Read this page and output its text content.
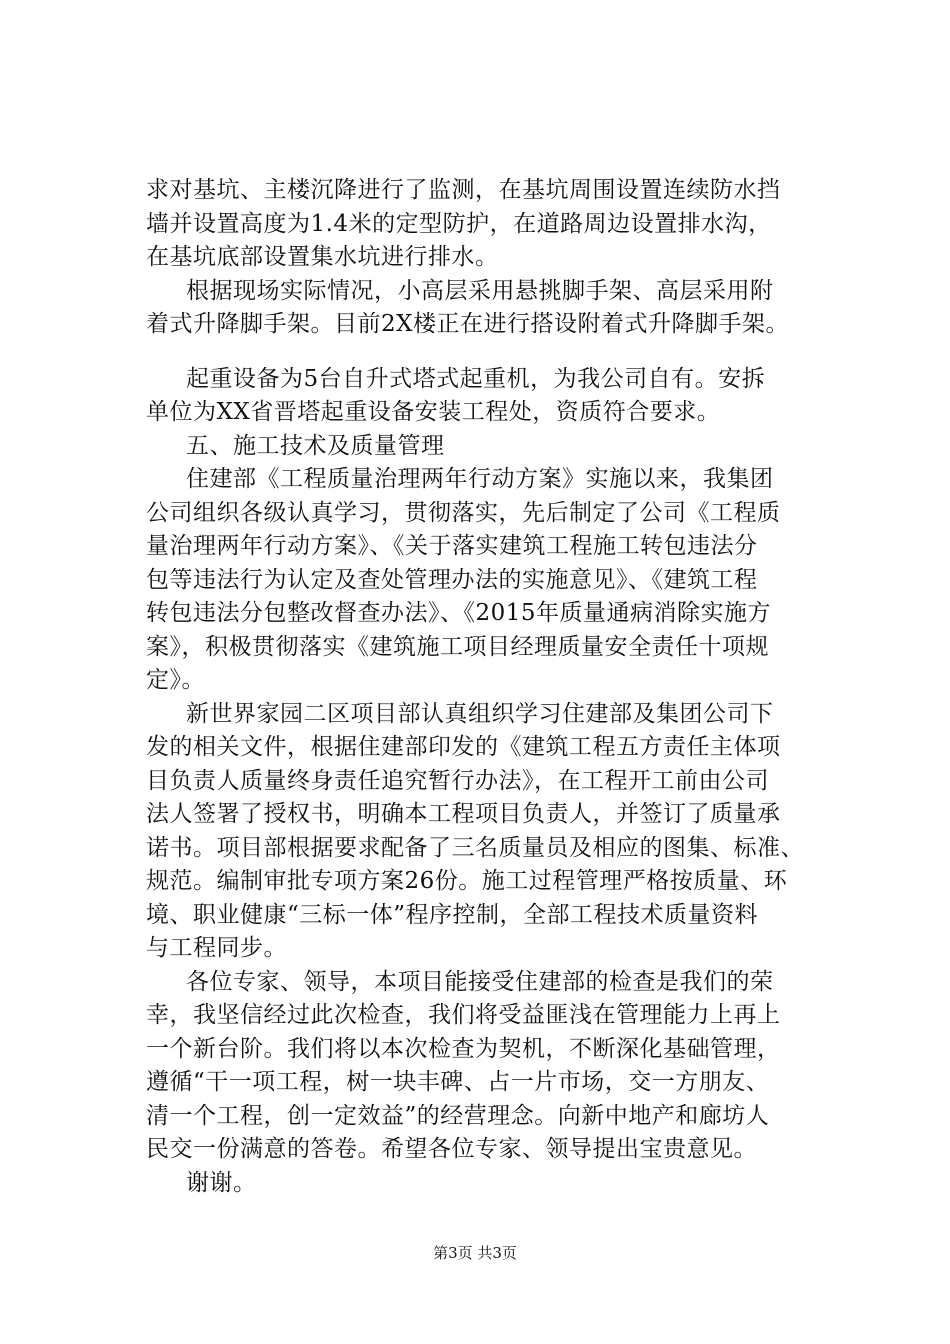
求对基坑、主楼沉降进行了监测，在基坑周围设置连续防水挡
墙并设置高度为1.4米的定型防护，在道路周边设置排水沟，
在基坑底部设置集水坑进行排水。
根据现场实际情况，小高层采用悬挑脚手架、高层采用附
着式升降脚手架。目前2X楼正在进行搭设附着式升降脚手架。
起重设备为5台自升式塔式起重机，为我公司自有。安拆
单位为XX省晋塔起重设备安装工程处，资质符合要求。
五、施工技术及质量管理
住建部《工程质量治理两年行动方案》实施以来，我集团
公司组织各级认真学习，贯彻落实，先后制定了公司《工程质
量治理两年行动方案》、《关于落实建筑工程施工转包违法分
包等违法行为认定及查处管理办法的实施意见》、《建筑工程
转包违法分包整改督查办法》、《2015年质量通病消除实施方
案》，积极贯彻落实《建筑施工项目经理质量安全责任十项规
定》。
新世界家园二区项目部认真组织学习住建部及集团公司下
发的相关文件，根据住建部印发的《建筑工程五方责任主体项
目负责人质量终身责任追究暂行办法》，在工程开工前由公司
法人签署了授权书，明确本工程项目负责人，并签订了质量承
诺书。项目部根据要求配备了三名质量员及相应的图集、标准、
规范。编制审批专项方案26份。施工过程管理严格按质量、环
境、职业健康“三标一体”程序控制，全部工程技术质量资料
与工程同步。
各位专家、领导，本项目能接受住建部的检查是我们的荣
幸，我坚信经过此次检查，我们将受益匪浅在管理能力上再上
一个新台阶。我们将以本次检查为契机，不断深化基础管理，
遵循“干一项工程，树一块丰碑、占一片市场，交一方朋友、
清一个工程，创一定效益”的经营理念。向新中地产和廊坊人
民交一份满意的答卷。希望各位专家、领导提出宝贵意见。
谢谢。
第3页 共3页
